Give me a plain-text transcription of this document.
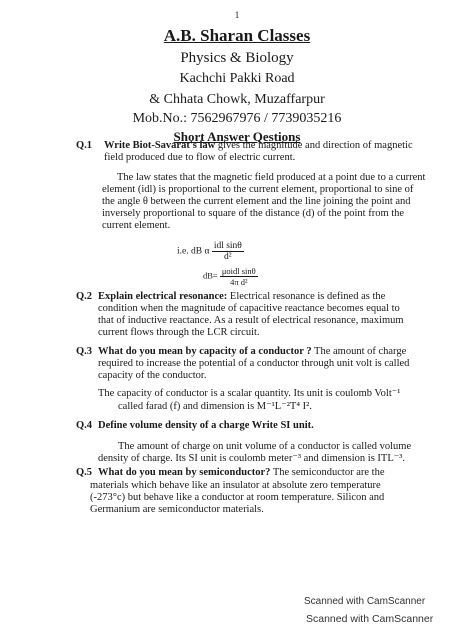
1
A.B. Sharan Classes
Physics & Biology
Kachchi Pakki Road
& Chhata Chowk, Muzaffarpur
Mob.No.: 7562967976 / 7739035216
Short Answer Qestions
Q.1 Write Biot-Savarat's law gives the magnitude and direction of magnetic
field produced due to flow of electric current.
The law states that the magnetic field produced at a point due to a current
element (idl) is proportional to the current element, proportional to sine of
the angle θ between the current element and the line joining the point and
inversely proportional to square of the distance (d) of the point from the
current element.
i.e. dB α $\frac{\text{idl sinθ}}{\text{d²}}$
$dB= \frac{\text{μoidl sinθ}}{\text{4π d²}}$
Q.2 Explain electrical resonance: Electrical resonance is defined as the
condition when the magnitude of capacitive reactance becomes equal to
that of inductive reactance. As a result of electrical resonance, maximum
current flows through the LCR circuit.
Q.3 What do you mean by capacity of a conductor ? The amount of charge
required to increase the potential of a conductor through unit volt is called
capacity of the conductor.
The capacity of conductor is a scalar quantity. Its unit is coulomb Volt⁻¹
called farad (f) and dimension is M⁻¹L⁻²T⁴ I².
Q.4 Define volume density of a charge Write SI unit.
The amount of charge on unit volume of a conductor is called volume
density of charge. Its SI unit is coulomb meter⁻³ and dimension is ITL⁻³.
Q.5 What do you mean by semiconductor? The semiconductor are the
materials which behave like an insulator at absolute zero temperature
(-273°c) but behave like a conductor at room temperature. Silicon and
Germanium are semiconductor materials.
Scanned with CamScanner
Scanned with CamScanner
